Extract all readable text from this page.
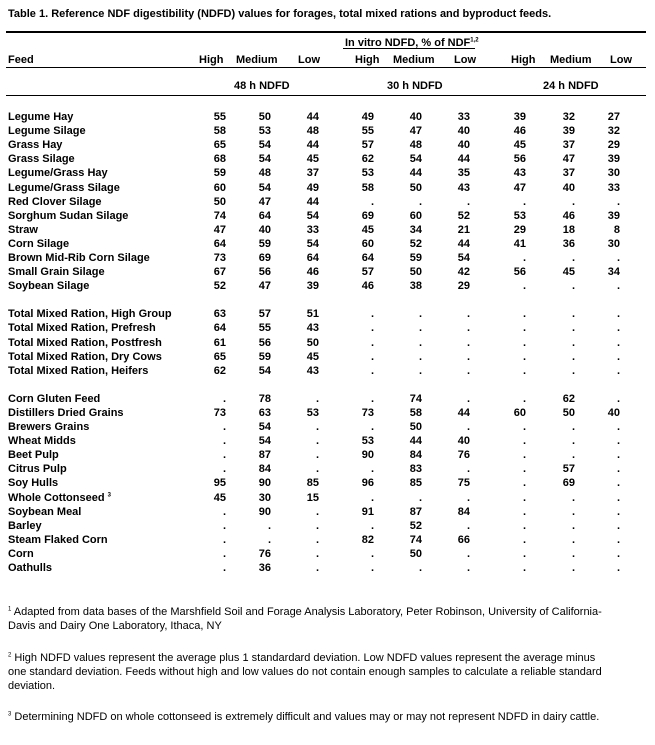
Table 1. Reference NDF digestibility (NDFD) values for forages, total mixed rations and byproduct feeds.
In vitro NDFD, % of NDF$^{1,2}$
Feed	High Medium Low	High Medium Low	High Medium Low
48 h NDFD	30 h NDFD	24 h NDFD
Legume Hay	55	50	44	49	40	33	39	32	27
Legume Silage	58	53	48	55	47	40	46	39	32
Grass Hay	65	54	44	57	48	40	45	37	29
Grass Silage	68	54	45	62	54	44	56	47	39
Legume/Grass Hay	59	48	37	53	44	35	43	37	30
Legume/Grass Silage	60	54	49	58	50	43	47	40	33
Red Clover Silage	50	47	44	.	.	.	.	.	.
Sorghum Sudan Silage	74	64	54	69	60	52	53	46	39
Straw	47	40	33	45	34	21	29	18	8
Corn Silage	64	59	54	60	52	44	41	36	30
Brown Mid-Rib Corn Silage	73	69	64	64	59	54	.	.	.
Small Grain Silage	67	56	46	57	50	42	56	45	34
Soybean Silage	52	47	39	46	38	29	.	.	.

Total Mixed Ration, High Group	63	57	51	.	.	.	.	.	.
Total Mixed Ration, Prefresh	64	55	43	.	.	.	.	.	.
Total Mixed Ration, Postfresh	61	56	50	.	.	.	.	.	.
Total Mixed Ration, Dry Cows	65	59	45	.	.	.	.	.	.
Total Mixed Ration, Heifers	62	54	43	.	.	.	.	.	.

Corn Gluten Feed	.	78	.	.	74	.	.	62	.
Distillers Dried Grains	73	63	53	73	58	44	60	50	40
Brewers Grains	.	54	.	.	50	.	.	.	.
Wheat Midds	.	54	.	53	44	40	.	.	.
Beet Pulp	.	87	.	90	84	76	.	.	.
Citrus Pulp	.	84	.	.	83	.	.	57	.
Soy Hulls	95	90	85	96	85	75	.	69	.
Whole Cottonseed $^3$	45	30	15	.	.	.	.	.	.
Soybean Meal	.	90	.	91	87	84	.	.	.
Barley	.	.	.	.	52	.	.	.	.
Steam Flaked Corn	.	.	.	82	74	66	.	.	.
Corn	.	76	.	.	50	.	.	.	.
Oathulls	.	36	.	.	.	.	.	.	.
$^1$ Adapted from data bases of the Marshfield Soil and Forage Analysis Laboratory, Peter Robinson, University of California-Davis and Dairy One Laboratory, Ithaca, NY
$^2$ High NDFD values represent the average plus 1 standardard deviation. Low NDFD values represent the average minus one standard deviation. Feeds without high and low values do not contain enough samples to calculate a reliable standard deviation.
$^3$ Determining NDFD on whole cottonseed is extremely difficult and values may or may not represent NDFD in dairy cattle.
